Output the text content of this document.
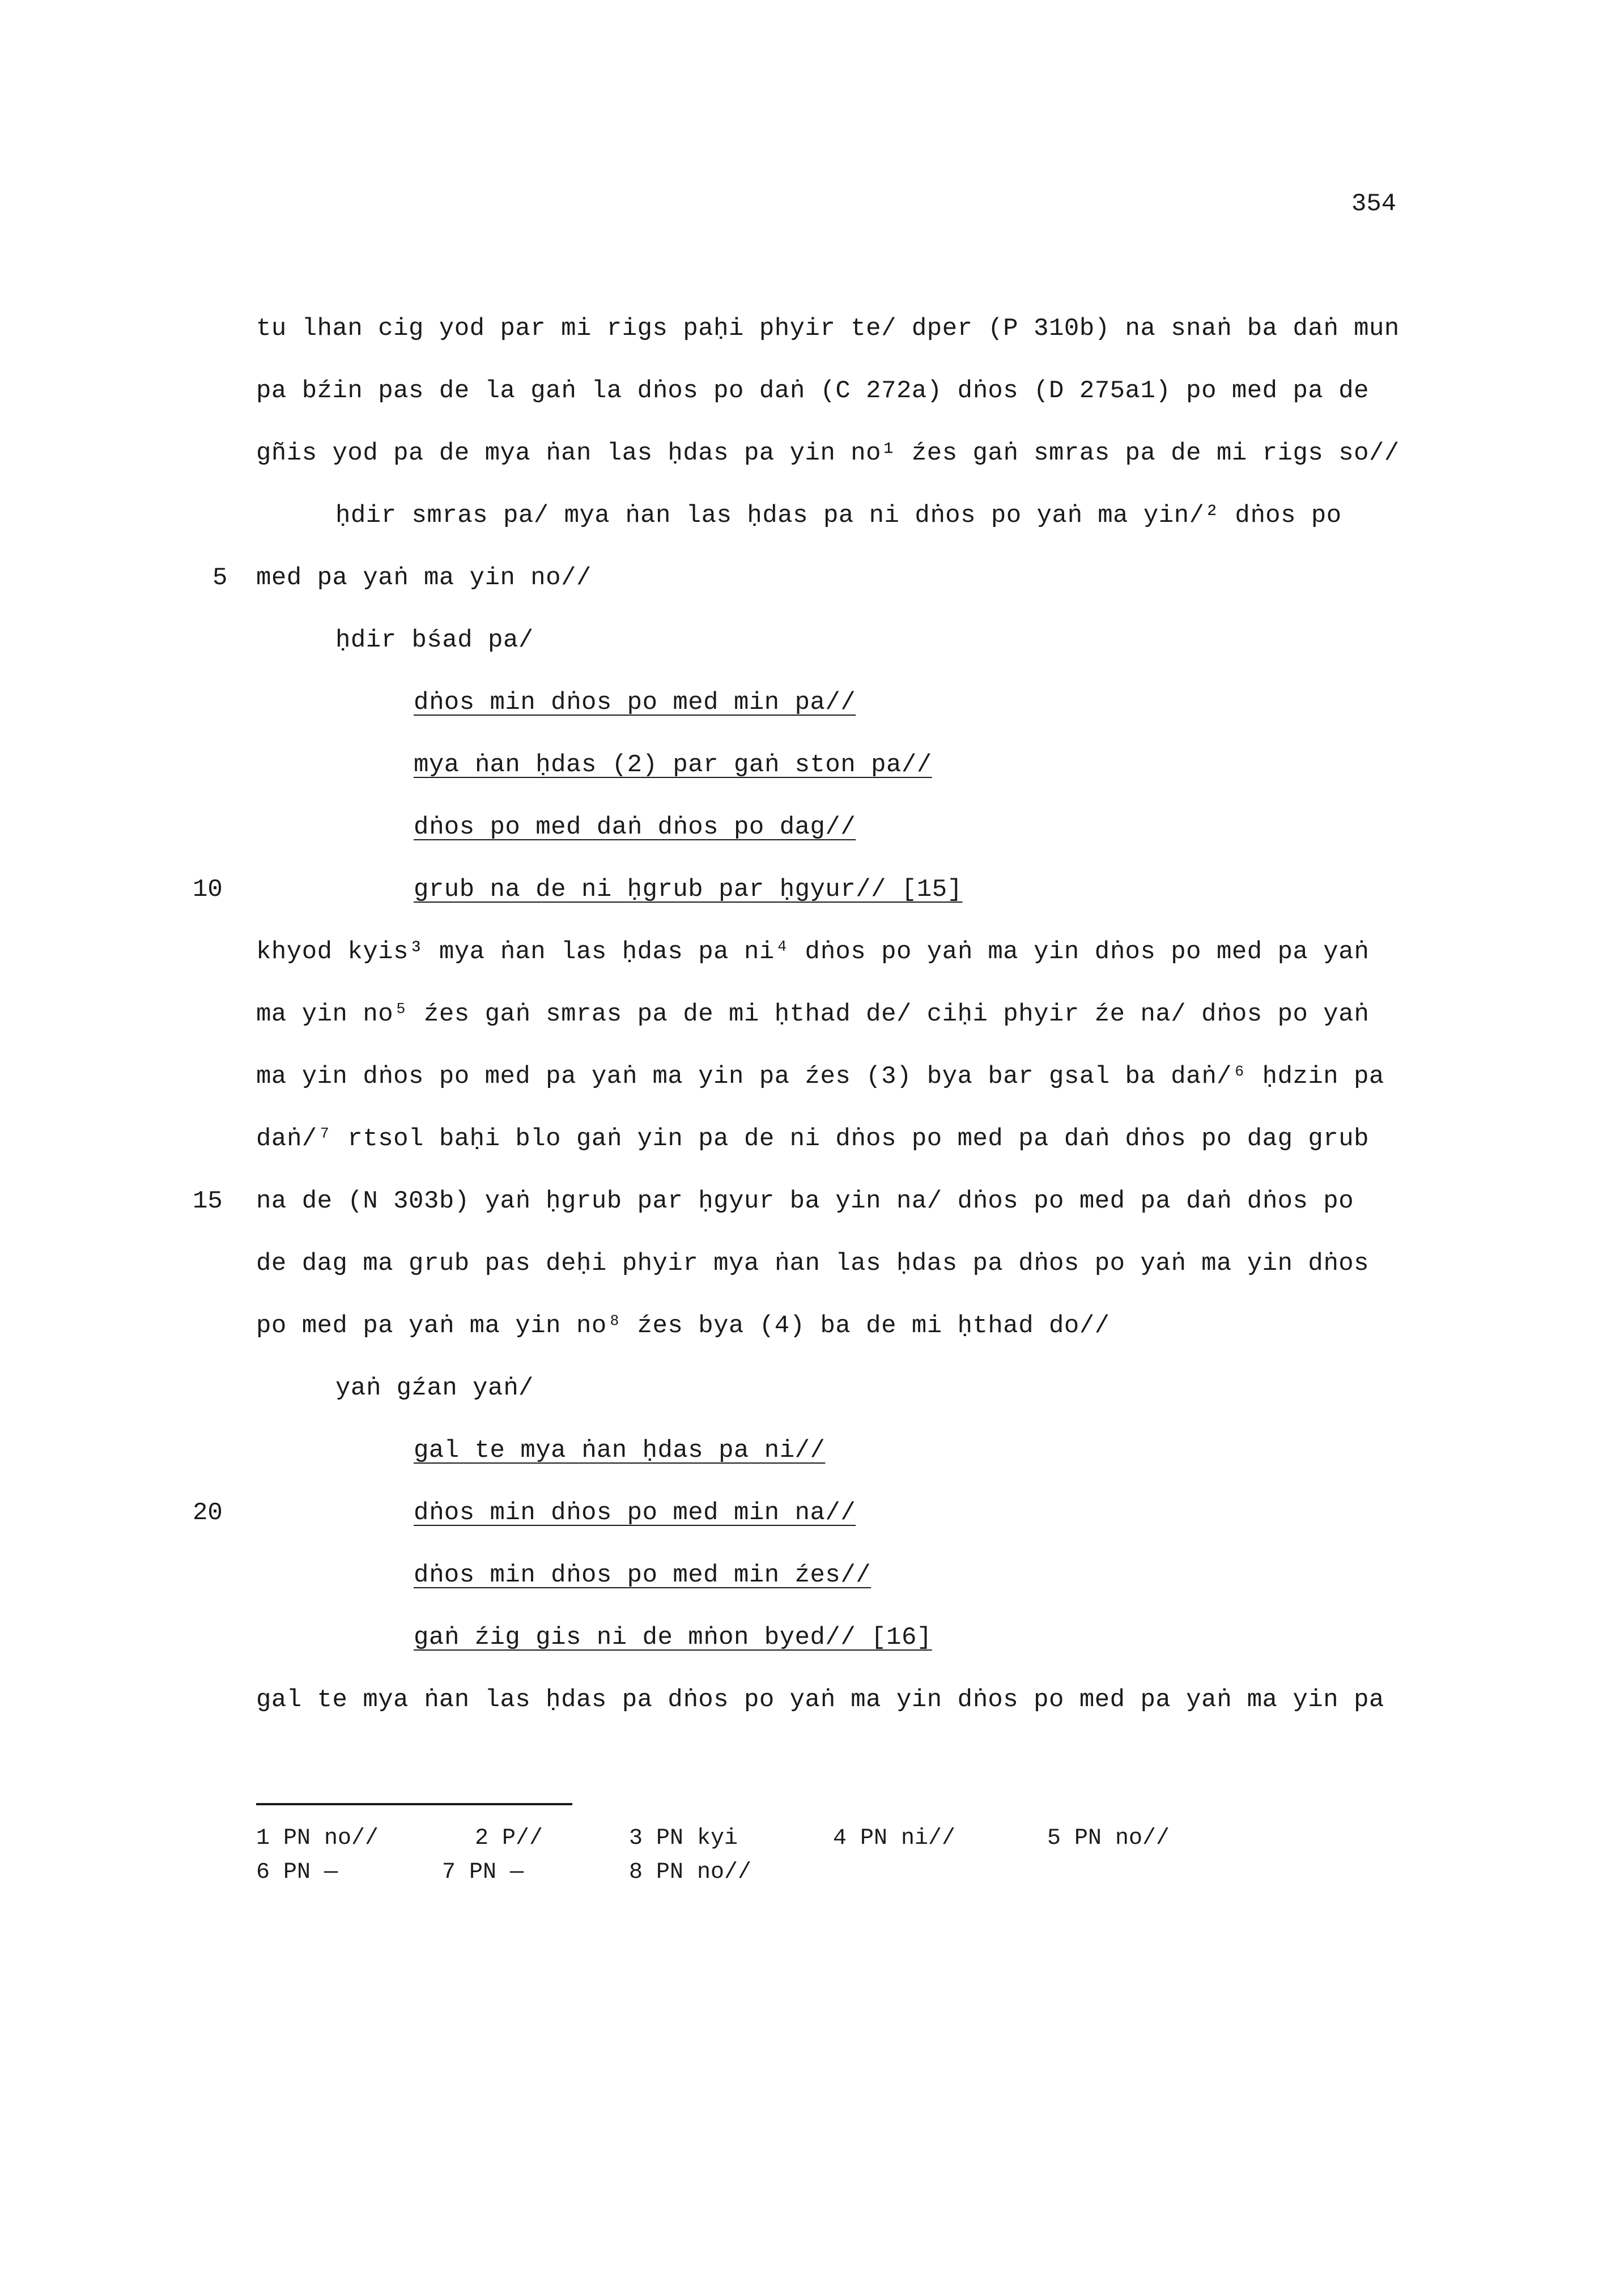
354
tu lhan cig yod par mi rigs paḥi phyir te/ dper (P 310b) na snaṅ ba daṅ mun
pa bźin pas de la gaṅ la dṅos po daṅ (C 272a) dṅos (D 275a1) po med pa de
gñis yod pa de mya ṅan las ḥdas pa yin no¹ źes gaṅ smras pa de mi rigs so//
ḥdir smras pa/ mya ṅan las ḥdas pa ni dṅos po yaṅ ma yin/² dṅos po
5 med pa yaṅ ma yin no//
ḥdir bśad pa/
dṅos min dṅos po med min pa//
mya ṅan ḥdas (2) par gaṅ ston pa//
dṅos po med daṅ dṅos po dag//
10	grub na de ni ḥgrub par ḥgyur// [15]
khyod kyis³ mya ṅan las ḥdas pa ni⁴ dṅos po yaṅ ma yin dṅos po med pa yaṅ
ma yin no⁵ źes gaṅ smras pa de mi ḥthad de/ ciḥi phyir źe na/ dṅos po yaṅ
ma yin dṅos po med pa yaṅ ma yin pa źes (3) bya bar gsal ba daṅ/⁶ ḥdzin pa
daṅ/⁷ rtsol baḥi blo gaṅ yin pa de ni dṅos po med pa daṅ dṅos po dag grub
15 na de (N 303b) yaṅ ḥgrub par ḥgyur ba yin na/ dṅos po med pa daṅ dṅos po
de dag ma grub pas deḥi phyir mya ṅan las ḥdas pa dṅos po yaṅ ma yin dṅos
po med pa yaṅ ma yin no⁸ źes bya (4) ba de mi ḥthad do//
yaṅ gźan yaṅ/
gal te mya ṅan ḥdas pa ni//
20	dṅos min dṅos po med min na//
dṅos min dṅos po med min źes//
gaṅ źig gis ni de mṅon byed// [16]
gal te mya ṅan las ḥdas pa dṅos po yaṅ ma yin dṅos po med pa yaṅ ma yin pa
1 PN no//	2 P//	3 PN kyi	4 PN ni//	5 PN no//
6 PN —	7 PN —	8 PN no//
